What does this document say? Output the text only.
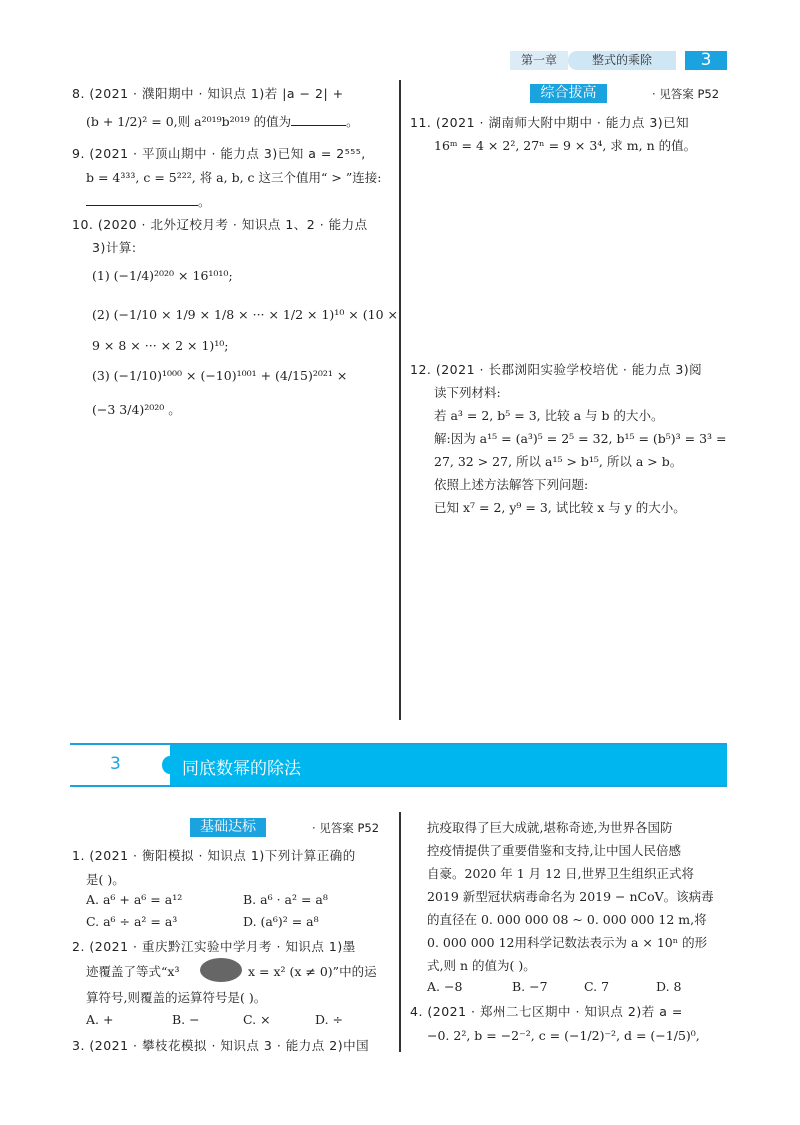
第一章	整式的乘除	3
8. (2021 · 濮阳期中 · 知识点 1)若 |a − 2| +
(b + 1/2)² = 0,则 a²⁰¹⁹b²⁰¹⁹ 的值为	。
9. (2021 · 平顶山期中 · 能力点 3)已知 a = 2⁵⁵⁵,
b = 4³³³, c = 5²²², 将 a, b, c 这三个值用“ > ”连接:
。
10. (2020 · 北外辽校月考 · 知识点 1、2 · 能力点
3)计算:
(1) (−1/4)²⁰²⁰ × 16¹⁰¹⁰;
(2) (−1/10 × 1/9 × 1/8 × ··· × 1/2 × 1)¹⁰ × (10 ×
9 × 8 × ··· × 2 × 1)¹⁰;
(3) (−1/10)¹⁰⁰⁰ × (−10)¹⁰⁰¹ + (4/15)²⁰²¹ ×
(−3 3/4)²⁰²⁰ 。
综合拔高	· 见答案 P52
11. (2021 · 湖南师大附中期中 · 能力点 3)已知
16ᵐ = 4 × 2², 27ⁿ = 9 × 3⁴, 求 m, n 的值。
12. (2021 · 长郡浏阳实验学校培优 · 能力点 3)阅
读下列材料:
若 a³ = 2, b⁵ = 3, 比较 a 与 b 的大小。
解:因为 a¹⁵ = (a³)⁵ = 2⁵ = 32, b¹⁵ = (b⁵)³ = 3³ =
27, 32 > 27, 所以 a¹⁵ > b¹⁵, 所以 a > b。
依照上述方法解答下列问题:
已知 x⁷ = 2, y⁹ = 3, 试比较 x 与 y 的大小。
3	同底数幂的除法
基础达标	· 见答案 P52
1. (2021 · 衡阳模拟 · 知识点 1)下列计算正确的
是( )。
A. a⁶ + a⁶ = a¹²	B. a⁶ · a² = a⁸
C. a⁶ ÷ a² = a³	D. (a⁶)² = a⁸
2. (2021 · 重庆黔江实验中学月考 · 知识点 1)墨
迹覆盖了等式“x³	x = x² (x ≠ 0)”中的运
算符号,则覆盖的运算符号是( )。
A. +	B. −	C. ×	D. ÷
3. (2021 · 攀枝花模拟 · 知识点 3 · 能力点 2)中国
抗疫取得了巨大成就,堪称奇迹,为世界各国防
控疫情提供了重要借鉴和支持,让中国人民倍感
自豪。2020 年 1 月 12 日,世界卫生组织正式将
2019 新型冠状病毒命名为 2019 − nCoV。该病毒
的直径在 0. 000 000 08 ~ 0. 000 000 12 m,将
0. 000 000 12用科学记数法表示为 a × 10ⁿ 的形
式,则 n 的值为( )。
A. −8	B. −7	C. 7	D. 8
4. (2021 · 郑州二七区期中 · 知识点 2)若 a =
−0. 2², b = −2⁻², c = (−1/2)⁻², d = (−1/5)⁰,
